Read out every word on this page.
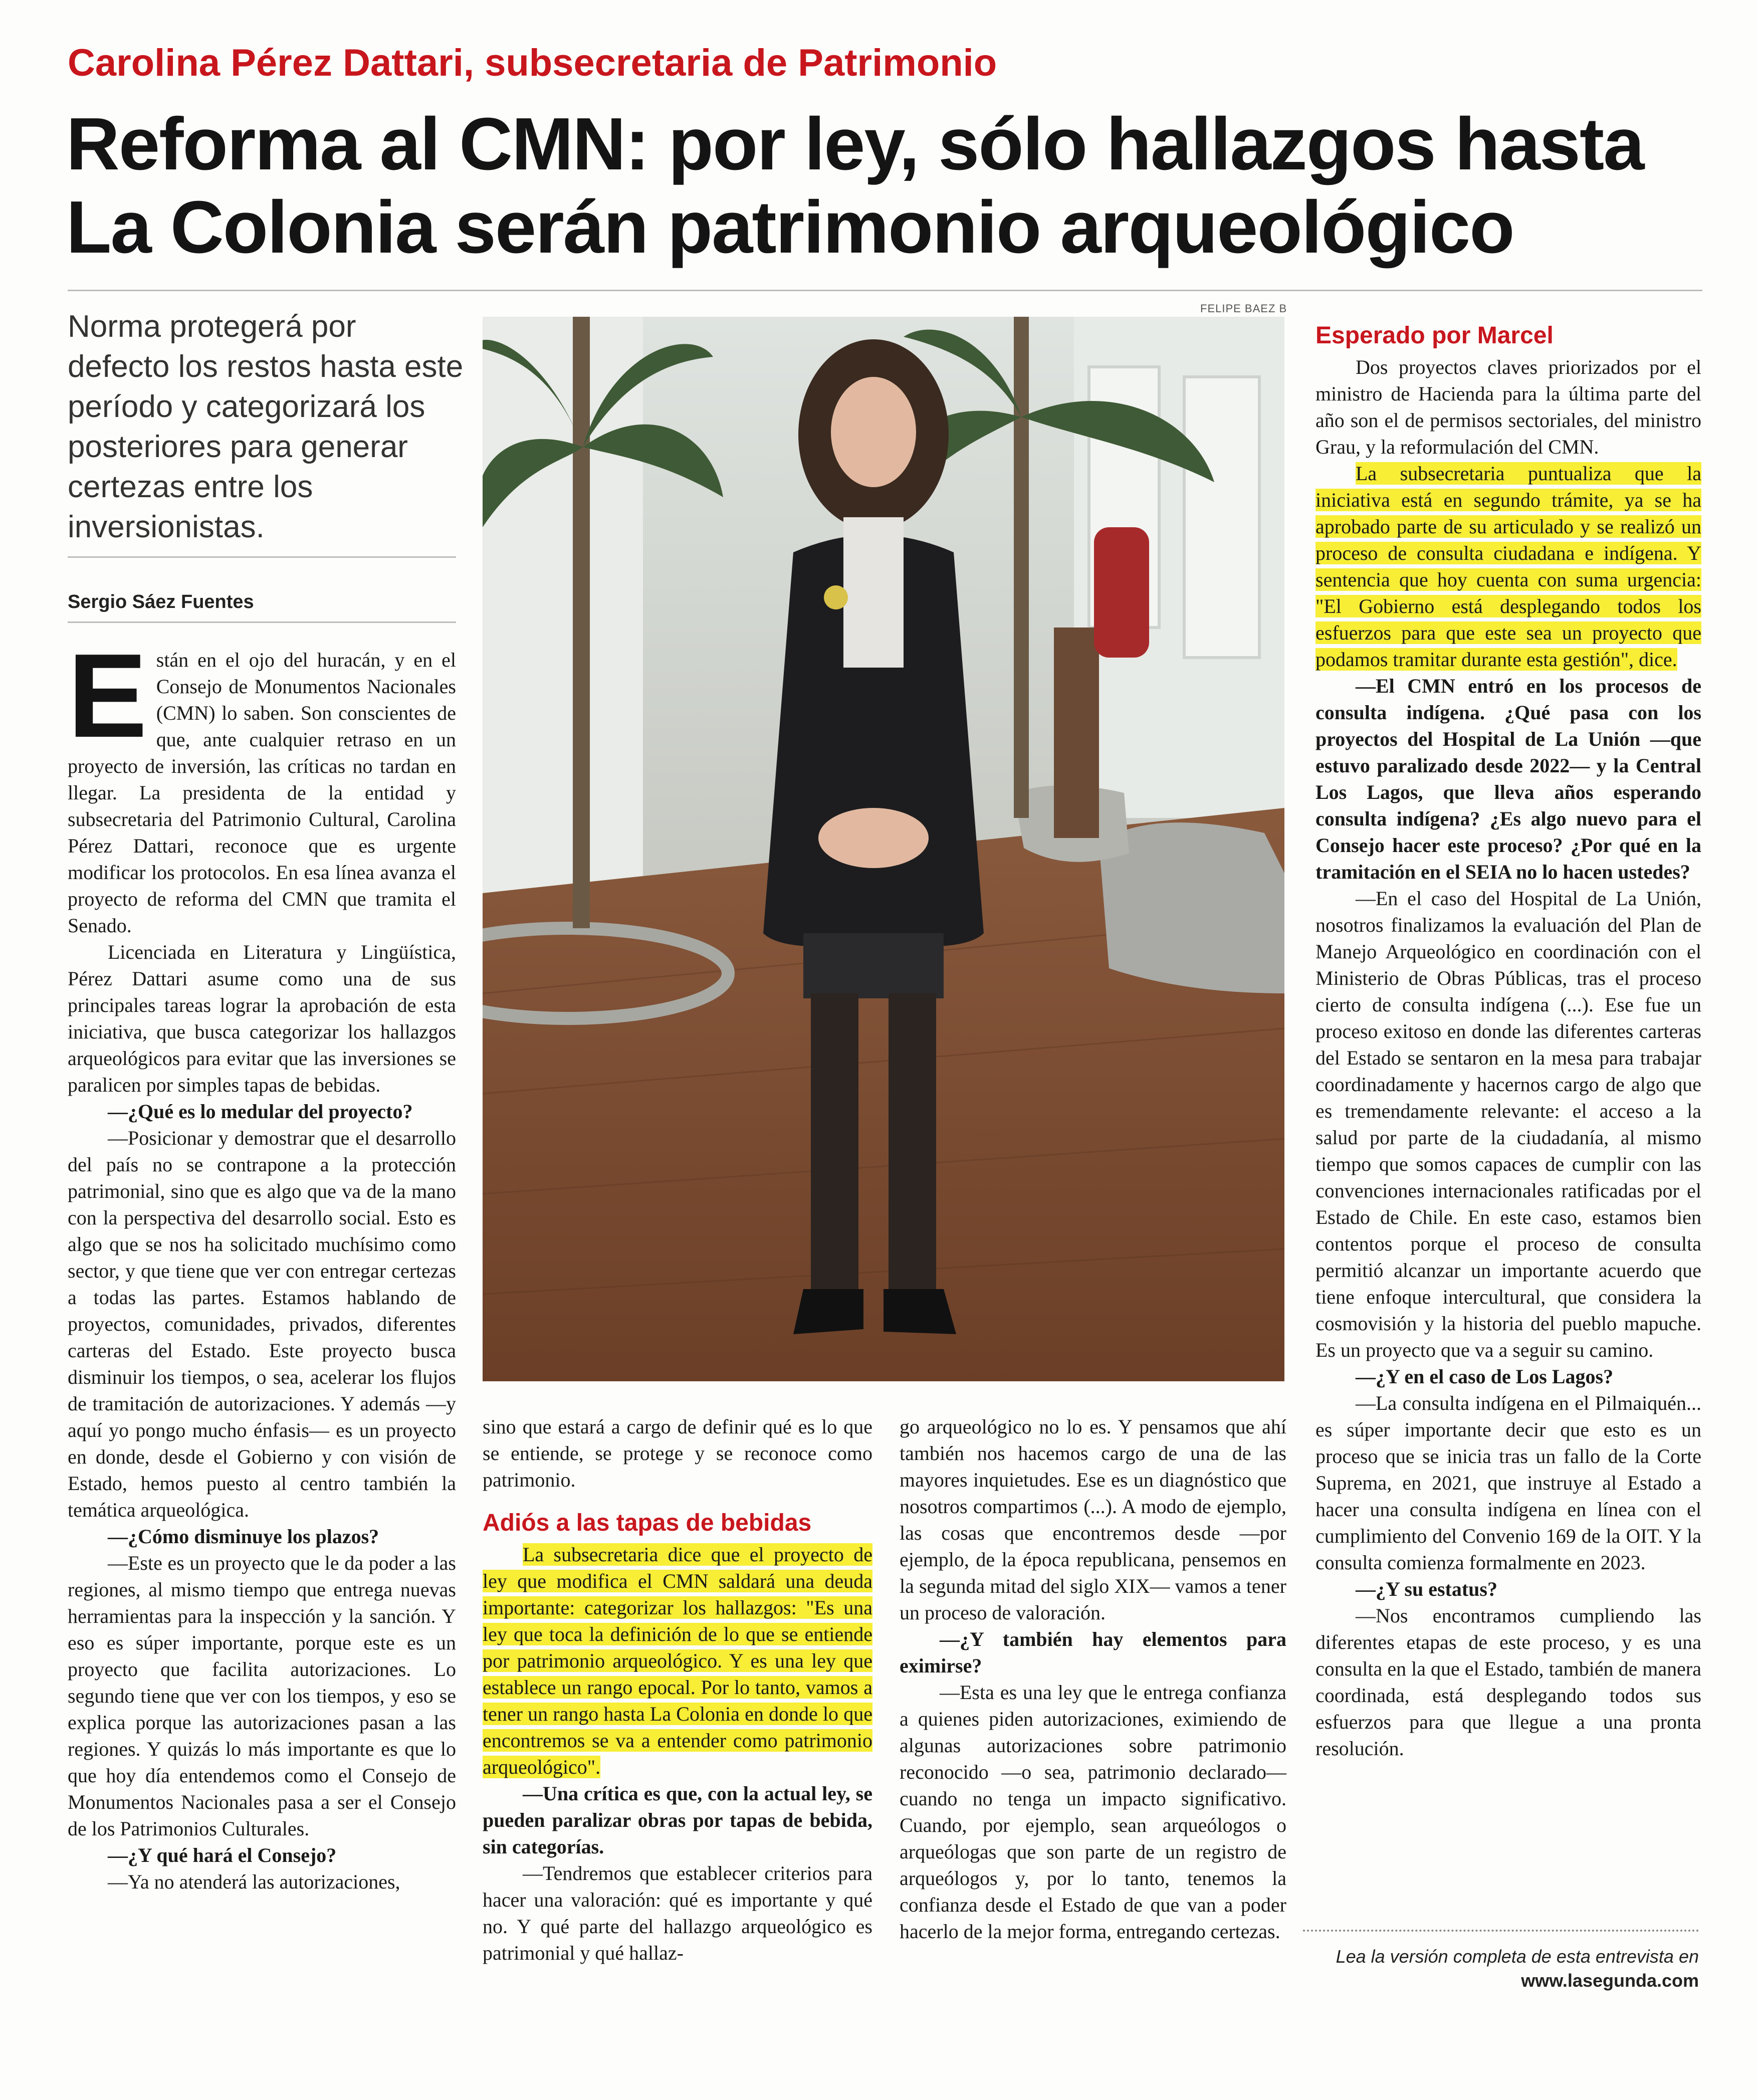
Carolina Pérez Dattari, subsecretaria de Patrimonio
Reforma al CMN: por ley, sólo hallazgos hasta La Colonia serán patrimonio arqueológico
Norma protegerá por defecto los restos hasta este período y categorizará los posteriores para generar certezas entre los inversionistas.
Sergio Sáez Fuentes

Están en el ojo del huracán, y en el Consejo de Monumentos Nacionales (CMN) lo saben. Son conscientes de que, ante cualquier retraso en un proyecto de inversión, las críticas no tardan en llegar. La presidenta de la entidad y subsecretaria del Patrimonio Cultural, Carolina Pérez Dattari, reconoce que es urgente modificar los protocolos. En esa línea avanza el proyecto de reforma del CMN que tramita el Senado.

Licenciada en Literatura y Lingüística, Pérez Dattari asume como una de sus principales tareas lograr la aprobación de esta iniciativa, que busca categorizar los hallazgos arqueológicos para evitar que las inversiones se paralicen por simples tapas de bebidas.

—¿Qué es lo medular del proyecto?

—Posicionar y demostrar que el desarrollo del país no se contrapone a la protección patrimonial, sino que es algo que va de la mano con la perspectiva del desarrollo social. Esto es algo que se nos ha solicitado muchísimo como sector, y que tiene que ver con entregar certezas a todas las partes. Estamos hablando de proyectos, comunidades, privados, diferentes carteras del Estado. Este proyecto busca disminuir los tiempos, o sea, acelerar los flujos de tramitación de autorizaciones. Y además —y aquí yo pongo mucho énfasis— es un proyecto en donde, desde el Gobierno y con visión de Estado, hemos puesto al centro también la temática arqueológica.

—¿Cómo disminuye los plazos?

—Este es un proyecto que le da poder a las regiones, al mismo tiempo que entrega nuevas herramientas para la inspección y la sanción. Y eso es súper importante, porque este es un proyecto que facilita autorizaciones. Lo segundo tiene que ver con los tiempos, y eso se explica porque las autorizaciones pasan a las regiones. Y quizás lo más importante es que lo que hoy día entendemos como el Consejo de Monumentos Nacionales pasa a ser el Consejo de los Patrimonios Culturales.

—¿Y qué hará el Consejo?

—Ya no atenderá las autorizaciones,

FELIPE BAEZ B

sino que estará a cargo de definir qué es lo que se entiende, se protege y se reconoce como patrimonio.

Adiós a las tapas de bebidas

La subsecretaria dice que el proyecto de ley que modifica el CMN saldará una deuda importante: categorizar los hallazgos: "Es una ley que toca la definición de lo que se entiende por patrimonio arqueológico. Y es una ley que establece un rango epocal. Por lo tanto, vamos a tener un rango hasta La Colonia en donde lo que encontremos se va a entender como patrimonio arqueológico".

—Una crítica es que, con la actual ley, se pueden paralizar obras por tapas de bebida, sin categorías.

—Tendremos que establecer criterios para hacer una valoración: qué es importante y qué no. Y qué parte del hallazgo arqueológico es patrimonial y qué hallaz-

go arqueológico no lo es. Y pensamos que ahí también nos hacemos cargo de una de las mayores inquietudes. Ese es un diagnóstico que nosotros compartimos (...). A modo de ejemplo, las cosas que encontremos desde —por ejemplo, de la época republicana, pensemos en la segunda mitad del siglo XIX— vamos a tener un proceso de valoración.

—¿Y también hay elementos para eximirse?

—Esta es una ley que le entrega confianza a quienes piden autorizaciones, eximiendo de algunas autorizaciones sobre patrimonio reconocido —o sea, patrimonio declarado— cuando no tenga un impacto significativo. Cuando, por ejemplo, sean arqueólogos o arqueólogas que son parte de un registro de arqueólogos y, por lo tanto, tenemos la confianza desde el Estado de que van a poder hacerlo de la mejor forma, entregando certezas.

Esperado por Marcel

Dos proyectos claves priorizados por el ministro de Hacienda para la última parte del año son el de permisos sectoriales, del ministro Grau, y la reformulación del CMN.

La subsecretaria puntualiza que la iniciativa está en segundo trámite, ya se ha aprobado parte de su articulado y se realizó un proceso de consulta ciudadana e indígena. Y sentencia que hoy cuenta con suma urgencia: "El Gobierno está desplegando todos los esfuerzos para que este sea un proyecto que podamos tramitar durante esta gestión", dice.

—El CMN entró en los procesos de consulta indígena. ¿Qué pasa con los proyectos del Hospital de La Unión —que estuvo paralizado desde 2022— y la Central Los Lagos, que lleva años esperando consulta indígena? ¿Es algo nuevo para el Consejo hacer este proceso? ¿Por qué en la tramitación en el SEIA no lo hacen ustedes?

—En el caso del Hospital de La Unión, nosotros finalizamos la evaluación del Plan de Manejo Arqueológico en coordinación con el Ministerio de Obras Públicas, tras el proceso cierto de consulta indígena (...). Ese fue un proceso exitoso en donde las diferentes carteras del Estado se sentaron en la mesa para trabajar coordinadamente y hacernos cargo de algo que es tremendamente relevante: el acceso a la salud por parte de la ciudadanía, al mismo tiempo que somos capaces de cumplir con las convenciones internacionales ratificadas por el Estado de Chile. En este caso, estamos bien contentos porque el proceso de consulta permitió alcanzar un importante acuerdo que tiene enfoque intercultural, que considera la cosmovisión y la historia del pueblo mapuche. Es un proyecto que va a seguir su camino.

—¿Y en el caso de Los Lagos?

—La consulta indígena en el Pilmaiquén... es súper importante decir que esto es un proceso que se inicia tras un fallo de la Corte Suprema, en 2021, que instruye al Estado a hacer una consulta indígena en línea con el cumplimiento del Convenio 169 de la OIT. Y la consulta comienza formalmente en 2023.

—¿Y su estatus?

—Nos encontramos cumpliendo las diferentes etapas de este proceso, y es una consulta en la que el Estado, también de manera coordinada, está desplegando todos sus esfuerzos para que llegue a una pronta resolución.

Lea la versión completa de esta entrevista en www.lasegunda.com
